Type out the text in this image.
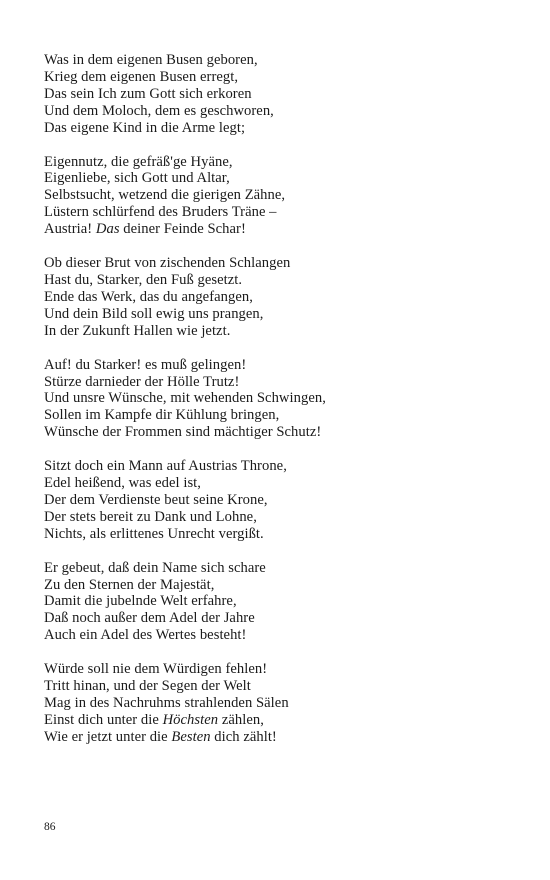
Was in dem eigenen Busen geboren,
Krieg dem eigenen Busen erregt,
Das sein Ich zum Gott sich erkoren
Und dem Moloch, dem es geschworen,
Das eigene Kind in die Arme legt;
Eigennutz, die gefräß'ge Hyäne,
Eigenliebe, sich Gott und Altar,
Selbstsucht, wetzend die gierigen Zähne,
Lüstern schlürfend des Bruders Träne –
Austria! Das deiner Feinde Schar!
Ob dieser Brut von zischenden Schlangen
Hast du, Starker, den Fuß gesetzt.
Ende das Werk, das du angefangen,
Und dein Bild soll ewig uns prangen,
In der Zukunft Hallen wie jetzt.
Auf! du Starker! es muß gelingen!
Stürze darnieder der Hölle Trutz!
Und unsre Wünsche, mit wehenden Schwingen,
Sollen im Kampfe dir Kühlung bringen,
Wünsche der Frommen sind mächtiger Schutz!
Sitzt doch ein Mann auf Austrias Throne,
Edel heißend, was edel ist,
Der dem Verdienste beut seine Krone,
Der stets bereit zu Dank und Lohne,
Nichts, als erlittenes Unrecht vergißt.
Er gebeut, daß dein Name sich schare
Zu den Sternen der Majestät,
Damit die jubelnde Welt erfahre,
Daß noch außer dem Adel der Jahre
Auch ein Adel des Wertes besteht!
Würde soll nie dem Würdigen fehlen!
Tritt hinan, und der Segen der Welt
Mag in des Nachruhms strahlenden Sälen
Einst dich unter die Höchsten zählen,
Wie er jetzt unter die Besten dich zählt!
86
